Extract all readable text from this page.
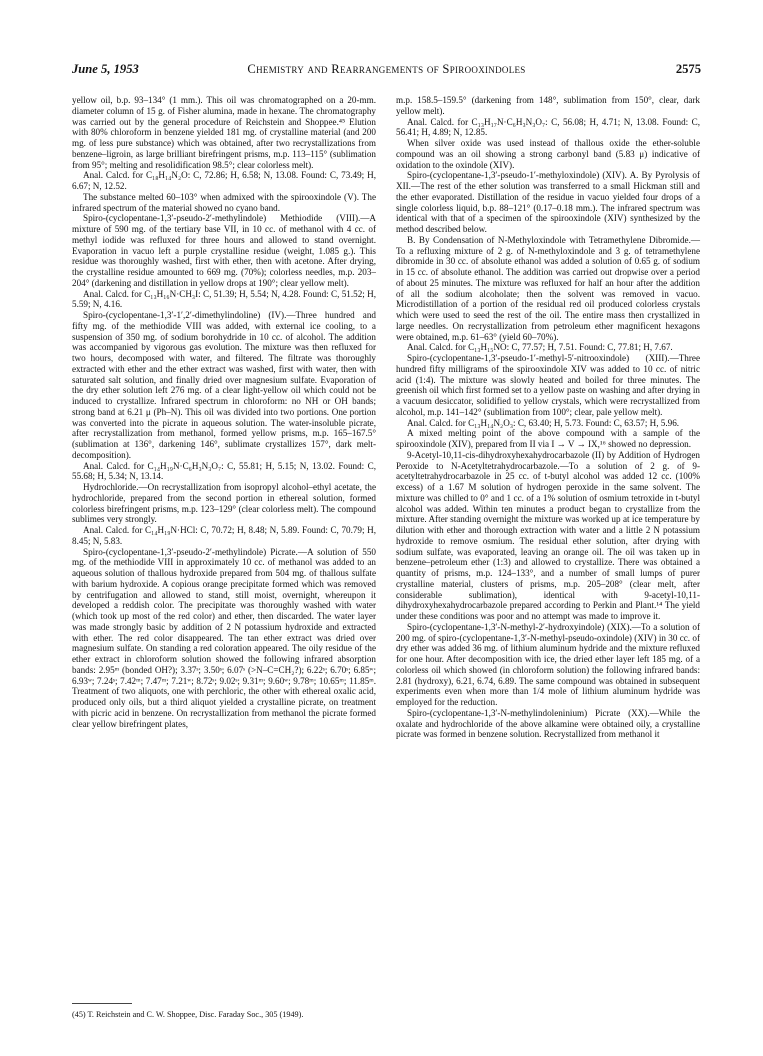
June 5, 1953	Chemistry and Rearrangements of Spirooxindoles	2575

yellow oil, b.p. 93–134° (1 mm.). This oil was chromatographed on a 20-mm. diameter column of 15 g. of Fisher alumina, made in hexane. The chromatography was carried out by the general procedure of Reichstein and Shoppee.⁴⁵ Elution with 80% chloroform in benzene yielded 181 mg. of crystalline material (and 200 mg. of less pure substance) which was obtained, after two recrystallizations from benzene–ligroin, as large brilliant birefringent prisms, m.p. 113–115° (sublimation from 95°; melting and resolidification 98.5°; clear colorless melt).

Anal. Calcd. for C₁₈H₁₄N₂O: C, 72.86; H, 6.58; N, 13.08. Found: C, 73.49; H, 6.67; N, 12.52.

The substance melted 60–103° when admixed with the spirooxindole (V). The infrared spectrum of the material showed no cyano band.

Spiro-(cyclopentane-1,3′-pseudo-2′-methylindole) Methiodide (VIII).—A mixture of 590 mg. of the tertiary base VII, in 10 cc. of methanol with 4 cc. of methyl iodide was refluxed for three hours and allowed to stand overnight. Evaporation in vacuo left a purple crystalline residue (weight, 1.085 g.). This residue was thoroughly washed, first with ether, then with acetone. After drying, the crystalline residue amounted to 669 mg. (70%); colorless needles, m.p. 203–204° (darkening and distillation in yellow drops at 190°; clear yellow melt).

Anal. Calcd. for C₁₃H₁₆N·CH₃I: C, 51.39; H, 5.54; N, 4.28. Found: C, 51.52; H, 5.59; N, 4.16.

Spiro-(cyclopentane-1,3′-1′,2′-dimethylindoline) (IV).—Three hundred and fifty mg. of the methiodide VIII was added, with external ice cooling, to a suspension of 350 mg. of sodium borohydride in 10 cc. of alcohol. The addition was accompanied by vigorous gas evolution. The mixture was then refluxed for two hours, decomposed with water, and filtered. The filtrate was thoroughly extracted with ether and the ether extract was washed, first with water, then with saturated salt solution, and finally dried over magnesium sulfate. Evaporation of the dry ether solution left 276 mg. of a clear light-yellow oil which could not be induced to crystallize. Infrared spectrum in chloroform: no NH or OH bands; strong band at 6.21 μ (Ph–N). This oil was divided into two portions. One portion was converted into the picrate in aqueous solution. The water-insoluble picrate, after recrystallization from methanol, formed yellow prisms, m.p. 165–167.5° (sublimation at 136°, darkening 146°, sublimate crystallizes 157°, dark melt-decomposition).

Anal. Calcd. for C₁₄H₁₉N·C₆H₃N₃O₇: C, 55.81; H, 5.15; N, 13.02. Found: C, 55.68; H, 5.34; N, 13.14.

Hydrochloride.—On recrystallization from isopropyl alcohol–ethyl acetate, the hydrochloride, prepared from the second portion in ethereal solution, formed colorless birefringent prisms, m.p. 123–129° (clear colorless melt). The compound sublimes very strongly.

Anal. Calcd. for C₁₄H₁₉N·HCl: C, 70.72; H, 8.48; N, 5.89. Found: C, 70.79; H, 8.45; N, 5.83.

Spiro-(cyclopentane-1,3′-pseudo-2′-methylindole) Picrate.—A solution of 550 mg. of the methiodide VIII in approximately 10 cc. of methanol was added to an aqueous solution of thallous hydroxide prepared from 504 mg. of thallous sulfate with barium hydroxide. A copious orange precipitate formed which was removed by centrifugation and allowed to stand, still moist, overnight, whereupon it developed a reddish color. The precipitate was thoroughly washed with water (which took up most of the red color) and ether, then discarded. The water layer was made strongly basic by addition of 2 N potassium hydroxide and extracted with ether. The red color disappeared. The tan ether extract was dried over magnesium sulfate. On standing a red coloration appeared. The oily residue of the ether extract in chloroform solution showed the following infrared absorption bands: 2.95ᵐ (bonded OH?); 3.37ˢ; 3.50ˢ; 6.07ˢ (>N–C=CH₂?); 6.22ˢ; 6.70ˢ; 6.85ʷ; 6.93ʷ; 7.24ˢ; 7.42ᵐ; 7.47ᵐ; 7.21ʷ; 8.72ˢ; 9.02ˢ; 9.31ᵐ; 9.60ʷ; 9.78ᵐ; 10.65ᵐ; 11.85ᵐ. Treatment of two aliquots, one with perchloric, the other with ethereal oxalic acid, produced only oils, but a third aliquot yielded a crystalline picrate, on treatment with picric acid in benzene. On recrystallization from methanol the picrate formed clear yellow birefringent plates,

m.p. 158.5–159.5° (darkening from 148°, sublimation from 150°, clear, dark yellow melt).

Anal. Calcd. for C₁₃H₁₇N·C₆H₃N₃O₇: C, 56.08; H, 4.71; N, 13.08. Found: C, 56.41; H, 4.89; N, 12.85.

When silver oxide was used instead of thallous oxide the ether-soluble compound was an oil showing a strong carbonyl band (5.83 μ) indicative of oxidation to the oxindole (XIV).

Spiro-(cyclopentane-1,3′-pseudo-1′-methyloxindole) (XIV). A. By Pyrolysis of XII.—The rest of the ether solution was transferred to a small Hickman still and the ether evaporated. Distillation of the residue in vacuo yielded four drops of a single colorless liquid, b.p. 88–121° (0.17–0.18 mm.). The infrared spectrum was identical with that of a specimen of the spirooxindole (XIV) synthesized by the method described below.

B. By Condensation of N-Methyloxindole with Tetramethylene Dibromide.—To a refluxing mixture of 2 g. of N-methyloxindole and 3 g. of tetramethylene dibromide in 30 cc. of absolute ethanol was added a solution of 0.65 g. of sodium in 15 cc. of absolute ethanol. The addition was carried out dropwise over a period of about 25 minutes. The mixture was refluxed for half an hour after the addition of all the sodium alcoholate; then the solvent was removed in vacuo. Microdistillation of a portion of the residual red oil produced colorless crystals which were used to seed the rest of the oil. The entire mass then crystallized in large needles. On recrystallization from petroleum ether magnificent hexagons were obtained, m.p. 61–63° (yield 60–70%).

Anal. Calcd. for C₁₃H₁₅NO: C, 77.57; H, 7.51. Found: C, 77.81; H, 7.67.

Spiro-(cyclopentane-1,3′-pseudo-1′-methyl-5′-nitrooxindole) (XIII).—Three hundred fifty milligrams of the spirooxindole XIV was added to 10 cc. of nitric acid (1:4). The mixture was slowly heated and boiled for three minutes. The greenish oil which first formed set to a yellow paste on washing and after drying in a vacuum desiccator, solidified to yellow crystals, which were recrystallized from alcohol, m.p. 141–142° (sublimation from 100°; clear, pale yellow melt).

Anal. Calcd. for C₁₃H₁₄N₂O₃: C, 63.40; H, 5.73. Found: C, 63.57; H, 5.96.

A mixed melting point of the above compound with a sample of the spirooxindole (XIV), prepared from II via I → V → IX,¹⁶ showed no depression.

9-Acetyl-10,11-cis-dihydroxyhexahydrocarbazole (II) by Addition of Hydrogen Peroxide to N-Acetyltetrahydrocarbazole.—To a solution of 2 g. of 9-acetyltetrahydrocarbazole in 25 cc. of t-butyl alcohol was added 12 cc. (100% excess) of a 1.67 M solution of hydrogen peroxide in the same solvent. The mixture was chilled to 0° and 1 cc. of a 1% solution of osmium tetroxide in t-butyl alcohol was added. Within ten minutes a product began to crystallize from the mixture. After standing overnight the mixture was worked up at ice temperature by dilution with ether and thorough extraction with water and a little 2 N potassium hydroxide to remove osmium. The residual ether solution, after drying with sodium sulfate, was evaporated, leaving an orange oil. The oil was taken up in benzene–petroleum ether (1:3) and allowed to crystallize. There was obtained a quantity of prisms, m.p. 124–133°, and a number of small lumps of purer crystalline material, clusters of prisms, m.p. 205–208° (clear melt, after considerable sublimation), identical with 9-acetyl-10,11-dihydroxyhexahydrocarbazole prepared according to Perkin and Plant.¹⁴ The yield under these conditions was poor and no attempt was made to improve it.

Spiro-(cyclopentane-1,3′-N-methyl-2′-hydroxyindole) (XIX).—To a solution of 200 mg. of spiro-(cyclopentane-1,3′-N-methyl-pseudo-oxindole) (XIV) in 30 cc. of dry ether was added 36 mg. of lithium aluminum hydride and the mixture refluxed for one hour. After decomposition with ice, the dried ether layer left 185 mg. of a colorless oil which showed (in chloroform solution) the following infrared bands: 2.81 (hydroxy), 6.21, 6.74, 6.89. The same compound was obtained in subsequent experiments even when more than 1/4 mole of lithium aluminum hydride was employed for the reduction.

Spiro-(cyclopentane-1,3′-N-methylindoleninium) Picrate (XX).—While the oxalate and hydrochloride of the above alkamine were obtained oily, a crystalline picrate was formed in benzene solution. Recrystallized from methanol it

(45) T. Reichstein and C. W. Shoppee, Disc. Faraday Soc., 305 (1949).
